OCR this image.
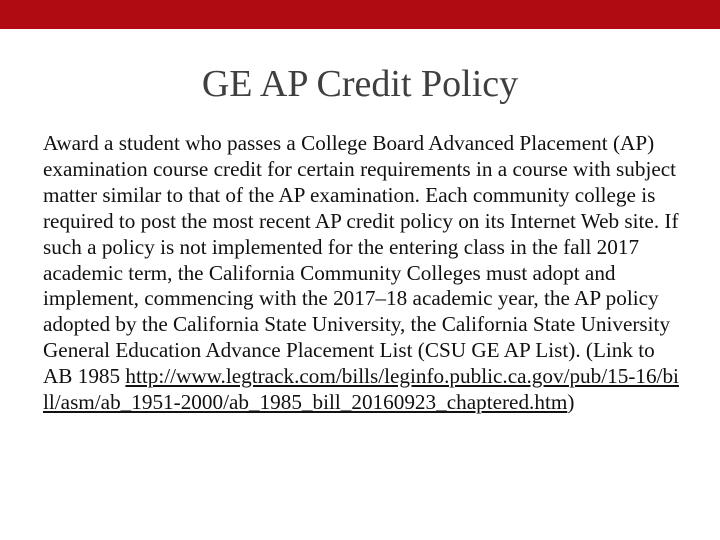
GE AP Credit Policy
Award a student who passes a College Board Advanced Placement (AP) examination course credit for certain requirements in a course with subject matter similar to that of the AP examination. Each community college is required to post the most recent AP credit policy on its Internet Web site. If such a policy is not implemented for the entering class in the fall 2017 academic term, the California Community Colleges must adopt and implement, commencing with the 2017–18 academic year, the AP policy adopted by the California State University, the California State University General Education Advance Placement List (CSU GE AP List). (Link to AB 1985 http://www.legtrack.com/bills/leginfo.public.ca.gov/pub/15-16/bill/asm/ab_1951-2000/ab_1985_bill_20160923_chaptered.htm)
